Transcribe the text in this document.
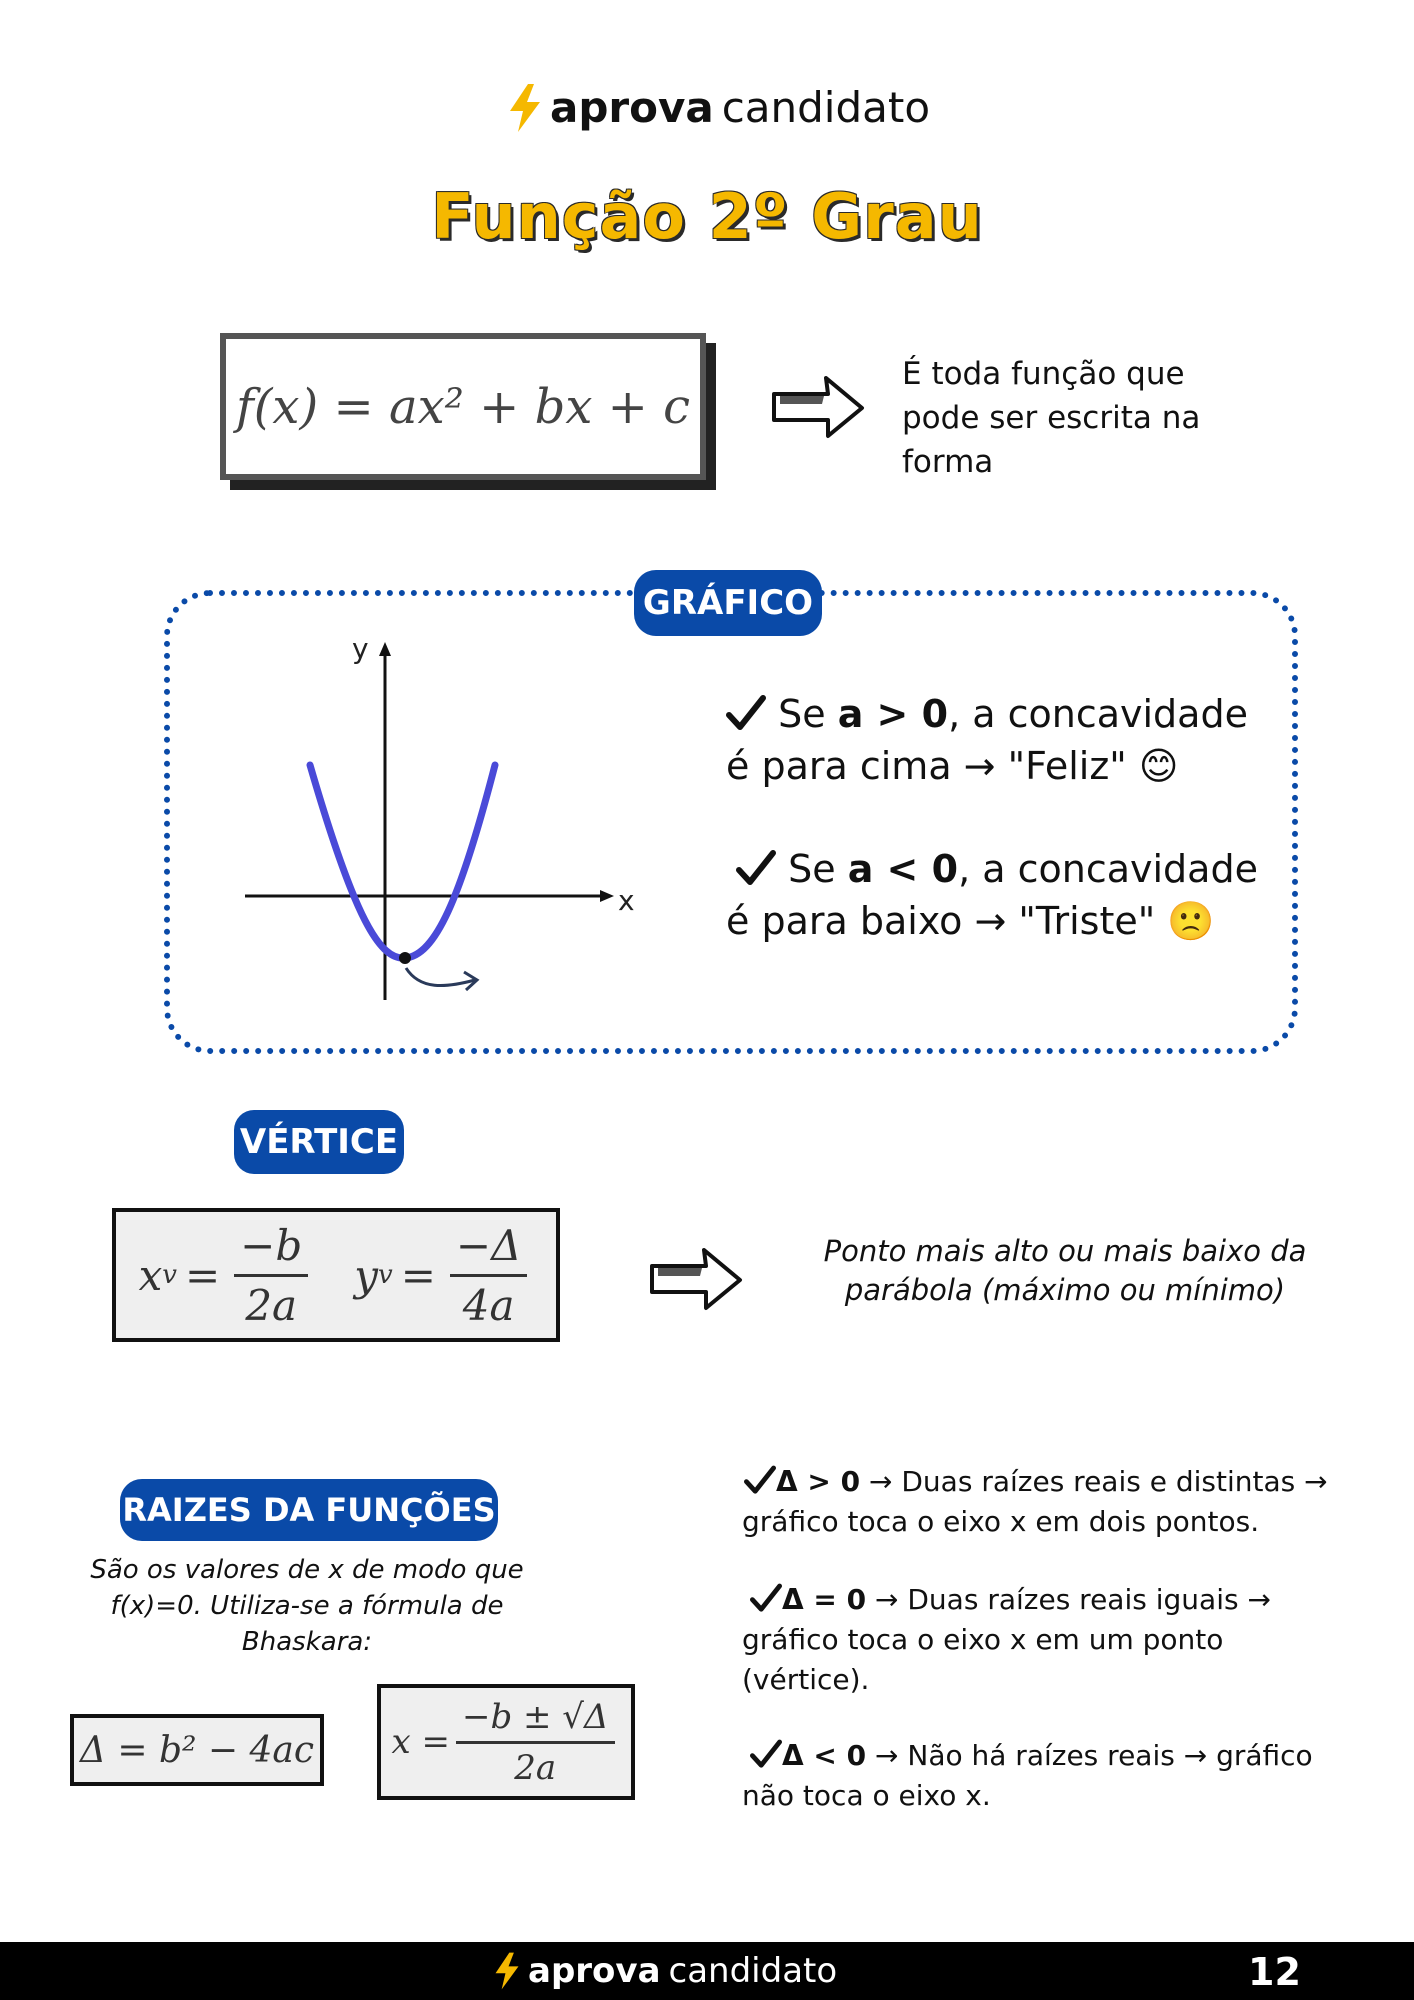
aprova candidato
Função 2º Grau
f(x) = ax² + bx + c
É toda função que pode ser escrita na forma
GRÁFICO
y
x
Se a > 0, a concavidade
é para cima → "Feliz" 😊
Se a < 0, a concavidade
é para baixo → "Triste" 🙁
VÉRTICE
x $v = \frac{-b}{2a}$ y $v = \frac{-\Delta}{4a}$	Ponto mais alto ou mais baixo da parábola (máximo ou mínimo)
RAIZES DA FUNÇÕES
São os valores de x de modo que f(x)=0. Utiliza-se a fórmula de Bhaskara:
Δ = b² − 4ac $x = \frac{-b \pm √\Delta}{2a}$
Δ > 0 → Duas raízes reais e distintas → gráfico toca o eixo x em dois pontos.
Δ = 0 → Duas raízes reais iguais → gráfico toca o eixo x em um ponto (vértice).
Δ < 0 → Não há raízes reais → gráfico não toca o eixo x.
aprova candidato	12
